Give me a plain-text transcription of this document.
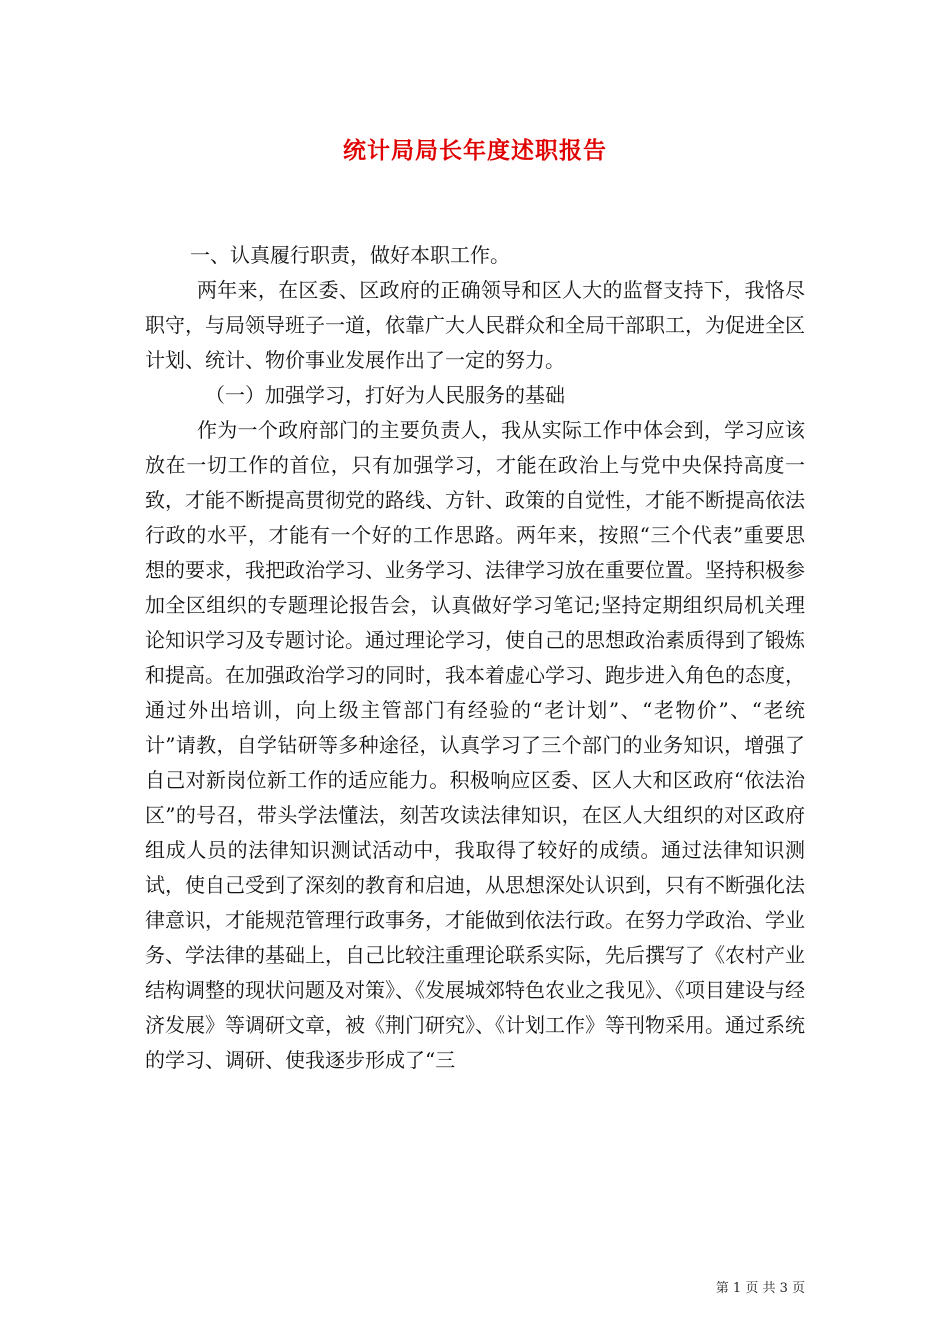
统计局局长年度述职报告

一、认真履行职责，做好本职工作。

两年来，在区委、区政府的正确领导和区人大的监督支持下，我恪尽职守，与局领导班子一道，依靠广大人民群众和全局干部职工，为促进全区计划、统计、物价事业发展作出了一定的努力。

（一）加强学习，打好为人民服务的基础

作为一个政府部门的主要负责人，我从实际工作中体会到，学习应该放在一切工作的首位，只有加强学习，才能在政治上与党中央保持高度一致，才能不断提高贯彻党的路线、方针、政策的自觉性，才能不断提高依法行政的水平，才能有一个好的工作思路。两年来，按照“三个代表”重要思想的要求，我把政治学习、业务学习、法律学习放在重要位置。坚持积极参加全区组织的专题理论报告会，认真做好学习笔记;坚持定期组织局机关理论知识学习及专题讨论。通过理论学习，使自己的思想政治素质得到了锻炼和提高。在加强政治学习的同时，我本着虚心学习、跑步进入角色的态度，通过外出培训，向上级主管部门有经验的“老计划”、“老物价”、“老统计”请教，自学钻研等多种途径，认真学习了三个部门的业务知识，增强了自己对新岗位新工作的适应能力。积极响应区委、区人大和区政府“依法治区”的号召，带头学法懂法，刻苦攻读法律知识，在区人大组织的对区政府组成人员的法律知识测试活动中，我取得了较好的成绩。通过法律知识测试，使自己受到了深刻的教育和启迪，从思想深处认识到，只有不断强化法律意识，才能规范管理行政事务，才能做到依法行政。在努力学政治、学业务、学法律的基础上，自己比较注重理论联系实际，先后撰写了《农村产业结构调整的现状问题及对策》、《发展城郊特色农业之我见》、《项目建设与经济发展》等调研文章，被《荆门研究》、《计划工作》等刊物采用。通过系统的学习、调研、使我逐步形成了“三

第 1 页 共 3 页
